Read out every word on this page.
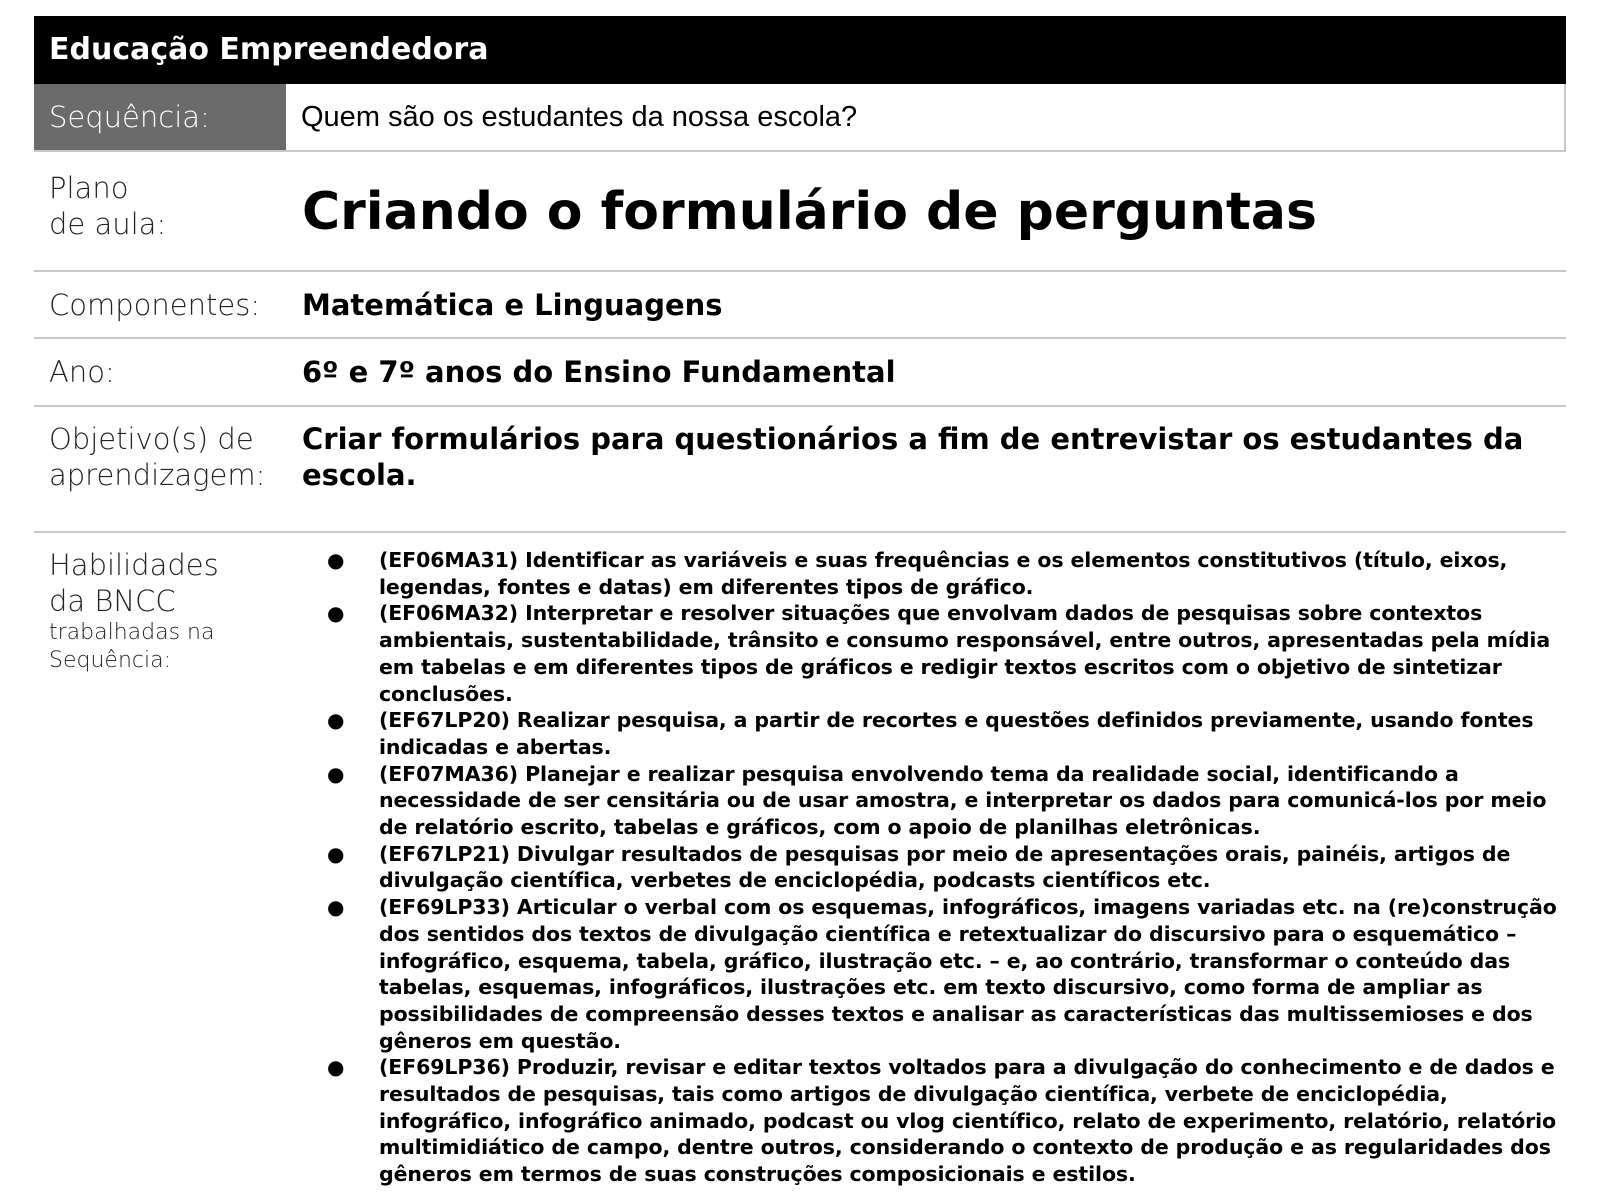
Educação Empreendedora
Sequência:	Quem são os estudantes da nossa escola?
Plano
de aula:	Criando o formulário de perguntas
Componentes:	Matemática e Linguagens
Ano:	6º e 7º anos do Ensino Fundamental
Objetivo(s) de
aprendizagem:
Criar formulários para questionários a fim de entrevistar os estudantes da escola.
Habilidades
da BNCC
trabalhadas na
Sequência:
● (EF06MA31) Identificar as variáveis e suas frequências e os elementos constitutivos (título, eixos, legendas, fontes e datas) em diferentes tipos de gráfico.
● (EF06MA32) Interpretar e resolver situações que envolvam dados de pesquisas sobre contextos ambientais, sustentabilidade, trânsito e consumo responsável, entre outros, apresentadas pela mídia em tabelas e em diferentes tipos de gráficos e redigir textos escritos com o objetivo de sintetizar conclusões.
● (EF67LP20) Realizar pesquisa, a partir de recortes e questões definidos previamente, usando fontes indicadas e abertas.
● (EF07MA36) Planejar e realizar pesquisa envolvendo tema da realidade social, identificando a necessidade de ser censitária ou de usar amostra, e interpretar os dados para comunicá-los por meio de relatório escrito, tabelas e gráficos, com o apoio de planilhas eletrônicas.
● (EF67LP21) Divulgar resultados de pesquisas por meio de apresentações orais, painéis, artigos de divulgação científica, verbetes de enciclopédia, podcasts científicos etc.
● (EF69LP33) Articular o verbal com os esquemas, infográficos, imagens variadas etc. na (re)construção dos sentidos dos textos de divulgação científica e retextualizar do discursivo para o esquemático – infográfico, esquema, tabela, gráfico, ilustração etc. – e, ao contrário, transformar o conteúdo das tabelas, esquemas, infográficos, ilustrações etc. em texto discursivo, como forma de ampliar as possibilidades de compreensão desses textos e analisar as características das multissemioses e dos gêneros em questão.
● (EF69LP36) Produzir, revisar e editar textos voltados para a divulgação do conhecimento e de dados e resultados de pesquisas, tais como artigos de divulgação científica, verbete de enciclopédia, infográfico, infográfico animado, podcast ou vlog científico, relato de experimento, relatório, relatório multimidiático de campo, dentre outros, considerando o contexto de produção e as regularidades dos gêneros em termos de suas construções composicionais e estilos.
